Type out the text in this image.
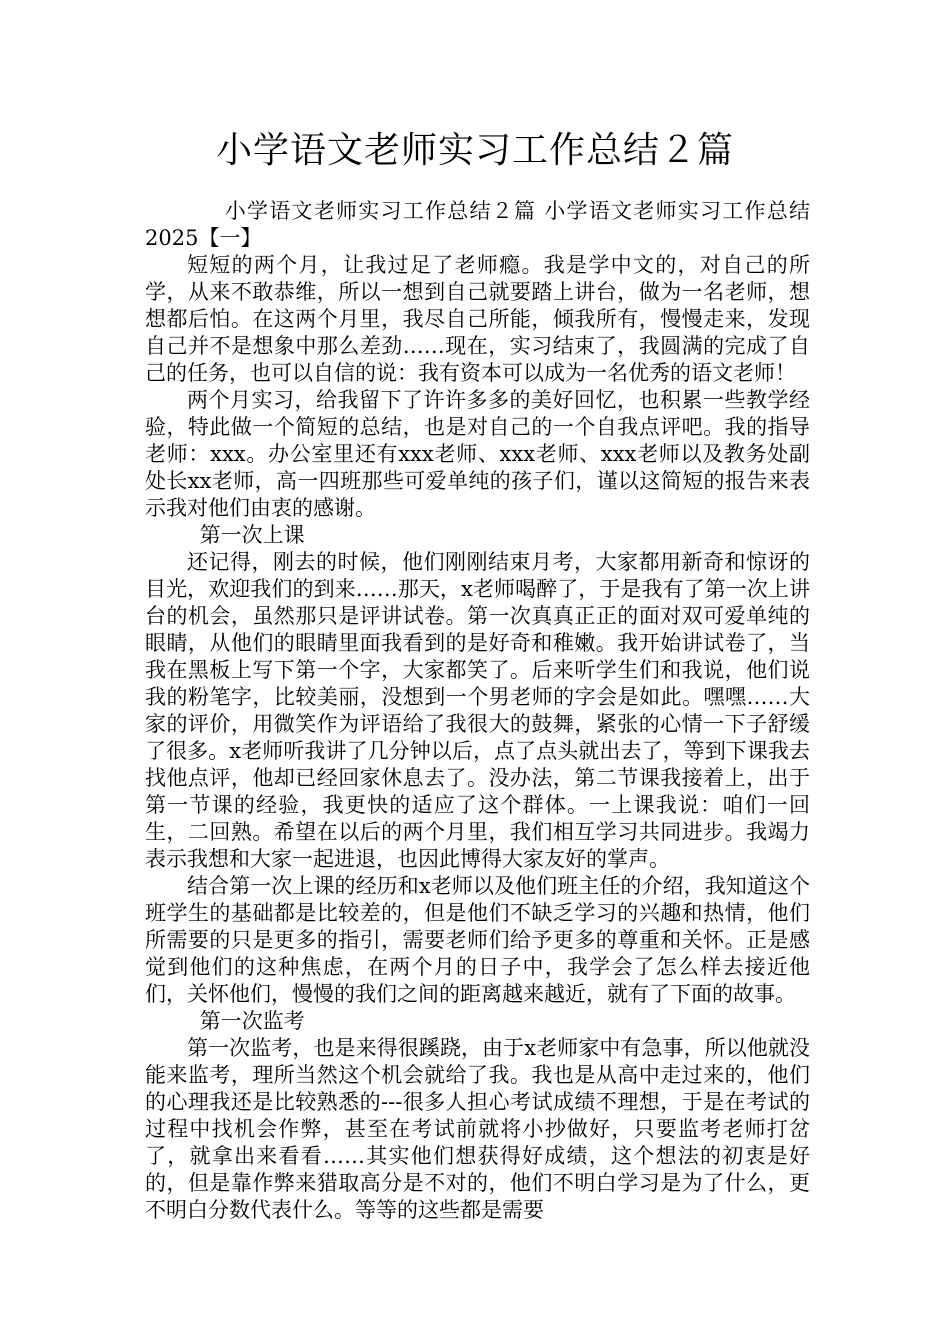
小学语文老师实习工作总结２篇

小学语文老师实习工作总结２篇 小学语文老师实习工作总结2025【一】

短短的两个月，让我过足了老师瘾。我是学中文的，对自己的所学，从来不敢恭维，所以一想到自己就要踏上讲台，做为一名老师，想想都后怕。在这两个月里，我尽自己所能，倾我所有，慢慢走来，发现自己并不是想象中那么差劲……现在，实习结束了，我圆满的完成了自己的任务，也可以自信的说：我有资本可以成为一名优秀的语文老师！

两个月实习，给我留下了许许多多的美好回忆，也积累一些教学经验，特此做一个简短的总结，也是对自己的一个自我点评吧。我的指导老师：xxx。办公室里还有xxx老师、xxx老师、xxx老师以及教务处副处长xx老师，高一四班那些可爱单纯的孩子们，谨以这简短的报告来表示我对他们由衷的感谢。

第一次上课

还记得，刚去的时候，他们刚刚结束月考，大家都用新奇和惊讶的目光，欢迎我们的到来……那天，x老师喝醉了，于是我有了第一次上讲台的机会，虽然那只是评讲试卷。第一次真真正正的面对双可爱单纯的眼睛，从他们的眼睛里面我看到的是好奇和稚嫩。我开始讲试卷了，当我在黑板上写下第一个字，大家都笑了。后来听学生们和我说，他们说我的粉笔字，比较美丽，没想到一个男老师的字会是如此。嘿嘿……大家的评价，用微笑作为评语给了我很大的鼓舞，紧张的心情一下子舒缓了很多。x老师听我讲了几分钟以后，点了点头就出去了，等到下课我去找他点评，他却已经回家休息去了。没办法，第二节课我接着上，出于第一节课的经验，我更快的适应了这个群体。一上课我说：咱们一回生，二回熟。希望在以后的两个月里，我们相互学习共同进步。我竭力表示我想和大家一起进退，也因此博得大家友好的掌声。

结合第一次上课的经历和x老师以及他们班主任的介绍，我知道这个班学生的基础都是比较差的，但是他们不缺乏学习的兴趣和热情，他们所需要的只是更多的指引，需要老师们给予更多的尊重和关怀。正是感觉到他们的这种焦虑，在两个月的日子中，我学会了怎么样去接近他们，关怀他们，慢慢的我们之间的距离越来越近，就有了下面的故事。

第一次监考

第一次监考，也是来得很蹊跷，由于x老师家中有急事，所以他就没能来监考，理所当然这个机会就给了我。我也是从高中走过来的，他们的心理我还是比较熟悉的---很多人担心考试成绩不理想，于是在考试的过程中找机会作弊，甚至在考试前就将小抄做好，只要监考老师打岔了，就拿出来看看……其实他们想获得好成绩，这个想法的初衷是好的，但是靠作弊来猎取高分是不对的，他们不明白学习是为了什么，更不明白分数代表什么。等等的这些都是需要
